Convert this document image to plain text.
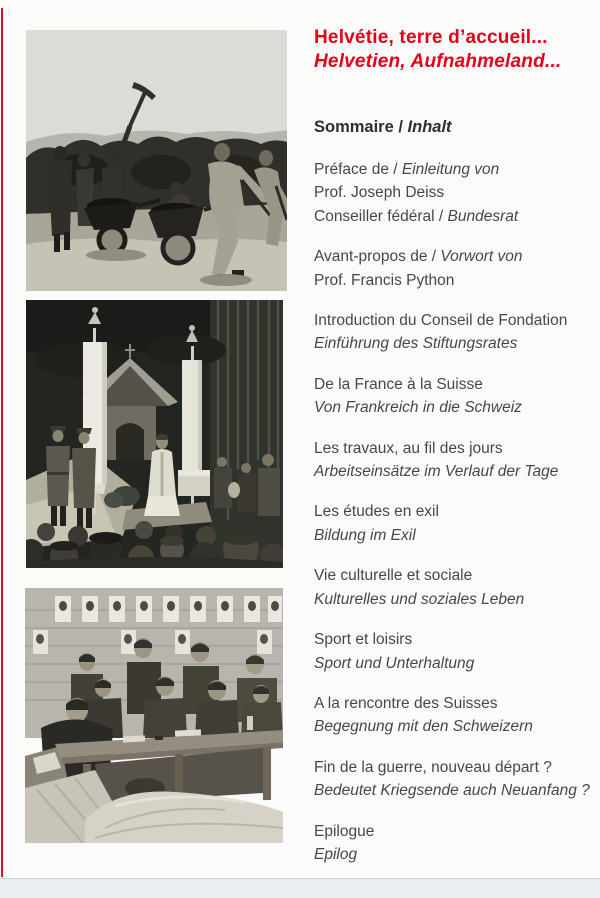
Helvétie, terre d’accueil...
Helvetien, Aufnahmeland...
Sommaire / Inhalt
Préface de / Einleitung von
Prof. Joseph Deiss
Conseiller fédéral / Bundesrat
Avant-propos de / Vorwort von
Prof. Francis Python
Introduction du Conseil de Fondation
Einführung des Stiftungsrates
De la France à la Suisse
Von Frankreich in die Schweiz
Les travaux, au fil des jours
Arbeitseinsätze im Verlauf der Tage
Les études en exil
Bildung im Exil
Vie culturelle et sociale
Kulturelles und soziales Leben
Sport et loisirs
Sport und Unterhaltung
A la rencontre des Suisses
Begegnung mit den Schweizern
Fin de la guerre, nouveau départ ?
Bedeutet Kriegsende auch Neuanfang ?
Epilogue
Epilog
